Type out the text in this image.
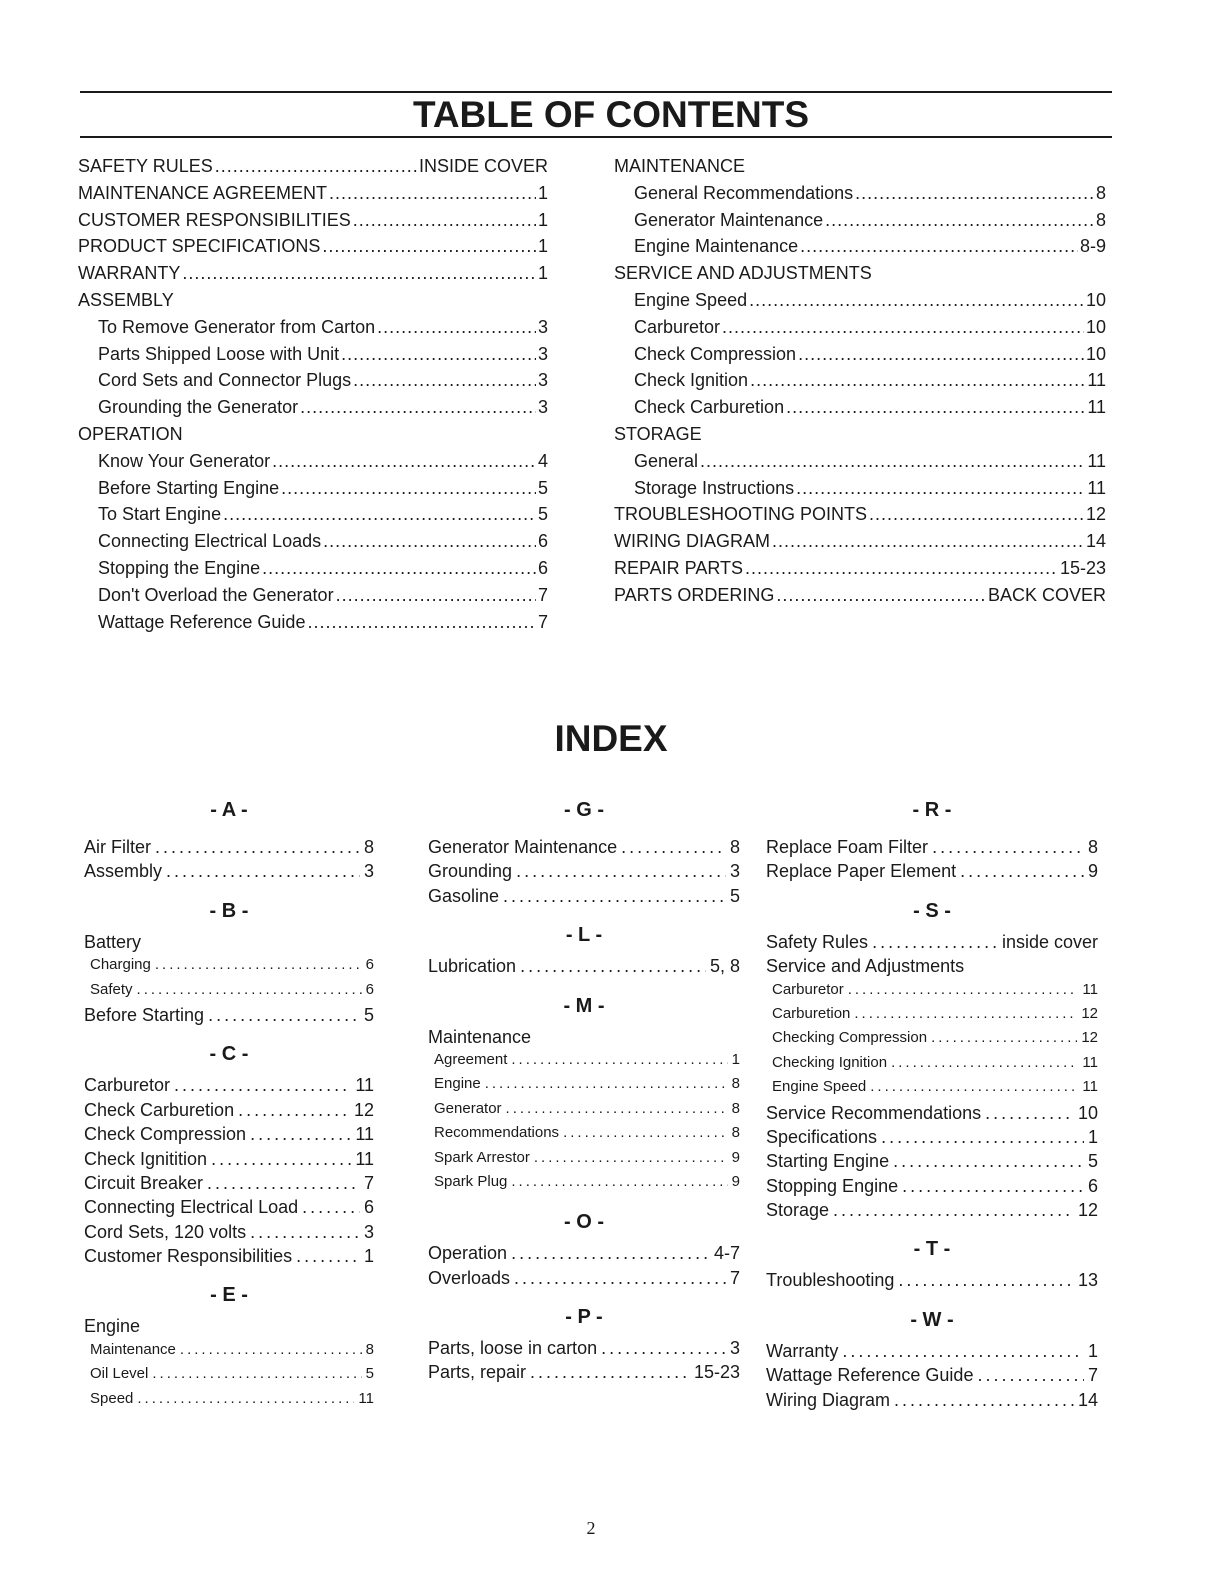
TABLE OF CONTENTS
SAFETY RULES .....	INSIDE COVER
MAINTENANCE AGREEMENT .....	1
CUSTOMER RESPONSIBILITIES .....	1
PRODUCT SPECIFICATIONS .....	1
WARRANTY .....	1
ASSEMBLY
To Remove Generator from Carton .....	3
Parts Shipped Loose with Unit .....	3
Cord Sets and Connector Plugs .....	3
Grounding the Generator .....	3
OPERATION
Know Your Generator .....	4
Before Starting Engine .....	5
To Start Engine .....	5
Connecting Electrical Loads .....	6
Stopping the Engine .....	6
Don't Overload the Generator .....	7
Wattage Reference Guide .....	7
MAINTENANCE
General Recommendations .....	8
Generator Maintenance .....	8
Engine Maintenance .....	8-9
SERVICE AND ADJUSTMENTS
Engine Speed .....	10
Carburetor .....	10
Check Compression .....	10
Check Ignition .....	11
Check Carburetion .....	11
STORAGE
General .....	11
Storage Instructions .....	11
TROUBLESHOOTING POINTS .....	12
WIRING DIAGRAM .....	14
REPAIR PARTS .....	15-23
PARTS ORDERING .....	BACK COVER
INDEX
- A -
Air Filter .....	8
Assembly .....	3
- B -
Battery
Charging .....	6
Safety .....	6
Before Starting .....	5
- C -
Carburetor .....	11
Check Carburetion .....	12
Check Compression .....	11
Check Ignitition .....	11
Circuit Breaker .....	7
Connecting Electrical Load .....	6
Cord Sets, 120 volts .....	3
Customer Responsibilities .....	1
- E -
Engine
Maintenance .....	8
Oil Level .....	5
Speed .....	11
- G -
Generator Maintenance .....	8
Grounding .....	3
Gasoline .....	5
- L -
Lubrication .....	5, 8
- M -
Maintenance
Agreement .....	1
Engine .....	8
Generator .....	8
Recommendations .....	8
Spark Arrestor .....	9
Spark Plug .....	9
- O -
Operation .....	4-7
Overloads .....	7
- P -
Parts, loose in carton .....	3
Parts, repair .....	15-23
- R -
Replace Foam Filter .....	8
Replace Paper Element .....	9
- S -
Safety Rules .....	inside cover
Service and Adjustments
Carburetor .....	11
Carburetion .....	12
Checking Compression .....	12
Checking Ignition .....	11
Engine Speed .....	11
Service Recommendations .....	10
Specifications .....	1
Starting Engine .....	5
Stopping Engine .....	6
Storage .....	12
- T -
Troubleshooting .....	13
- W -
Warranty .....	1
Wattage Reference Guide .....	7
Wiring Diagram .....	14
2
